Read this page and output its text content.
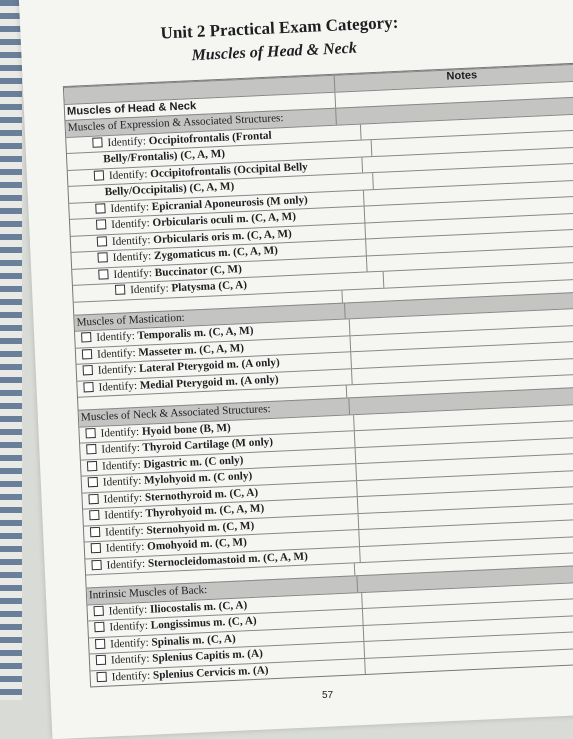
Unit 2 Practical Exam Category:
Muscles of Head & Neck
Notes
Muscles of Head & Neck
Muscles of Expression & Associated Structures:
Identify: Occipitofrontalis (Frontal
Belly/Frontalis) (C, A, M)
Identify: Occipitofrontalis (Occipital Belly
Belly/Occipitalis) (C, A, M)
Identify: Epicranial Aponeurosis (M only)
Identify: Orbicularis oculi m. (C, A, M)
Identify: Orbicularis oris m. (C, A, M)
Identify: Zygomaticus m. (C, A, M)
Identify: Buccinator (C, M)
Identify: Platysma (C, A)
Muscles of Mastication:
Identify: Temporalis m. (C, A, M)
Identify: Masseter m. (C, A, M)
Identify: Lateral Pterygoid m. (A only)
Identify: Medial Pterygoid m. (A only)
Muscles of Neck & Associated Structures:
Identify: Hyoid bone (B, M)
Identify: Thyroid Cartilage (M only)
Identify: Digastric m. (C only)
Identify: Mylohyoid m. (C only)
Identify: Sternothyroid m. (C, A)
Identify: Thyrohyoid m. (C, A, M)
Identify: Sternohyoid m. (C, M)
Identify: Omohyoid m. (C, M)
Identify: Sternocleidomastoid m. (C, A, M)
Intrinsic Muscles of Back:
Identify: Iliocostalis m. (C, A)
Identify: Longissimus m. (C, A)
Identify: Spinalis m. (C, A)
Identify: Splenius Capitis m. (A)
Identify: Splenius Cervicis m. (A)
57
